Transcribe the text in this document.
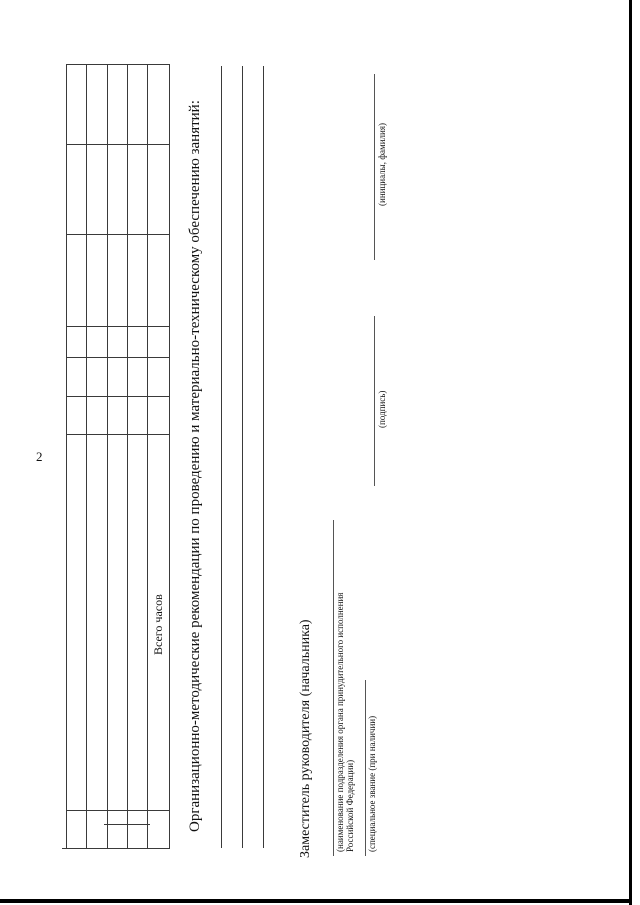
2
Всего часов Организационно-методические рекомендации по проведению и материально-техническому обеспечению занятий:	Заместитель руководителя (начальника) (наименование подразделения органа принудительного исполнения Российской Федерации) (специальное звание (при наличии)
(подпись)
(инициалы, фамилия)
